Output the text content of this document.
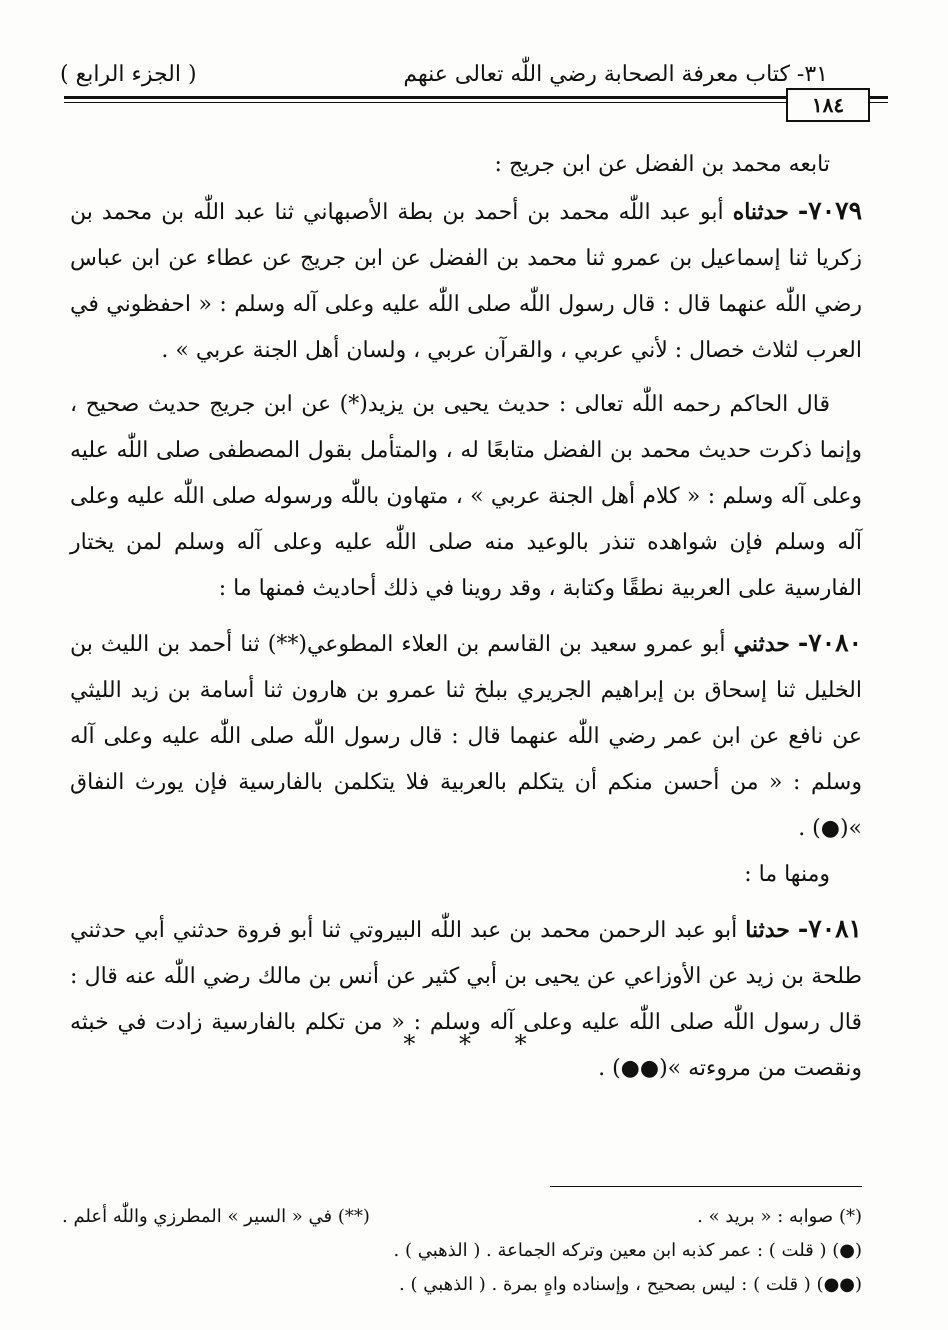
٣١- كتاب معرفة الصحابة رضي اللّٰه تعالى عنهم
( الجزء الرابع )
١٨٤

تابعه محمد بن الفضل عن ابن جريج :

٧٠٧٩- حدثناه أبو عبد اللّٰه محمد بن أحمد بن بطة الأصبهاني ثنا عبد اللّٰه بن محمد بن زكريا ثنا إسماعيل بن عمرو ثنا محمد بن الفضل عن ابن جريج عن عطاء عن ابن عباس رضي اللّٰه عنهما قال : قال رسول اللّٰه صلى اللّٰه عليه وعلى آله وسلم : « احفظوني في العرب لثلاث خصال : لأني عربي ، والقرآن عربي ، ولسان أهل الجنة عربي » .

قال الحاكم رحمه اللّٰه تعالى : حديث يحيى بن يزيد(*) عن ابن جريج حديث صحيح ، وإنما ذكرت حديث محمد بن الفضل متابعًا له ، والمتأمل بقول المصطفى صلى اللّٰه عليه وعلى آله وسلم : « كلام أهل الجنة عربي » ، متهاون باللّٰه ورسوله صلى اللّٰه عليه وعلى آله وسلم فإن شواهده تنذر بالوعيد منه صلى اللّٰه عليه وعلى آله وسلم لمن يختار الفارسية على العربية نطقًا وكتابة ، وقد روينا في ذلك أحاديث فمنها ما :

٧٠٨٠- حدثني أبو عمرو سعيد بن القاسم بن العلاء المطوعي(**) ثنا أحمد بن الليث بن الخليل ثنا إسحاق بن إبراهيم الجريري ببلخ ثنا عمرو بن هارون ثنا أسامة بن زيد الليثي عن نافع عن ابن عمر رضي اللّٰه عنهما قال : قال رسول اللّٰه صلى اللّٰه عليه وعلى آله وسلم : « من أحسن منكم أن يتكلم بالعربية فلا يتكلمن بالفارسية فإن يورث النفاق »(●) .

ومنها ما :

٧٠٨١- حدثنا أبو عبد الرحمن محمد بن عبد اللّٰه البيروتي ثنا أبو فروة حدثني أبي حدثني طلحة بن زيد عن الأوزاعي عن يحيى بن أبي كثير عن أنس بن مالك رضي اللّٰه عنه قال : قال رسول اللّٰه صلى اللّٰه عليه وعلى آله وسلم : « من تكلم بالفارسية زادت في خبثه ونقصت من مروءته »(●●) .

* * *
(*) صوابه : « بريد » .
(**) في « السير » المطرزي واللّٰه أعلم .
(●) ( قلت ) : عمر كذبه ابن معين وتركه الجماعة . ( الذهبي ) .
(●●) ( قلت ) : ليس بصحيح ، وإسناده واهٍ بمرة . ( الذهبي ) .
